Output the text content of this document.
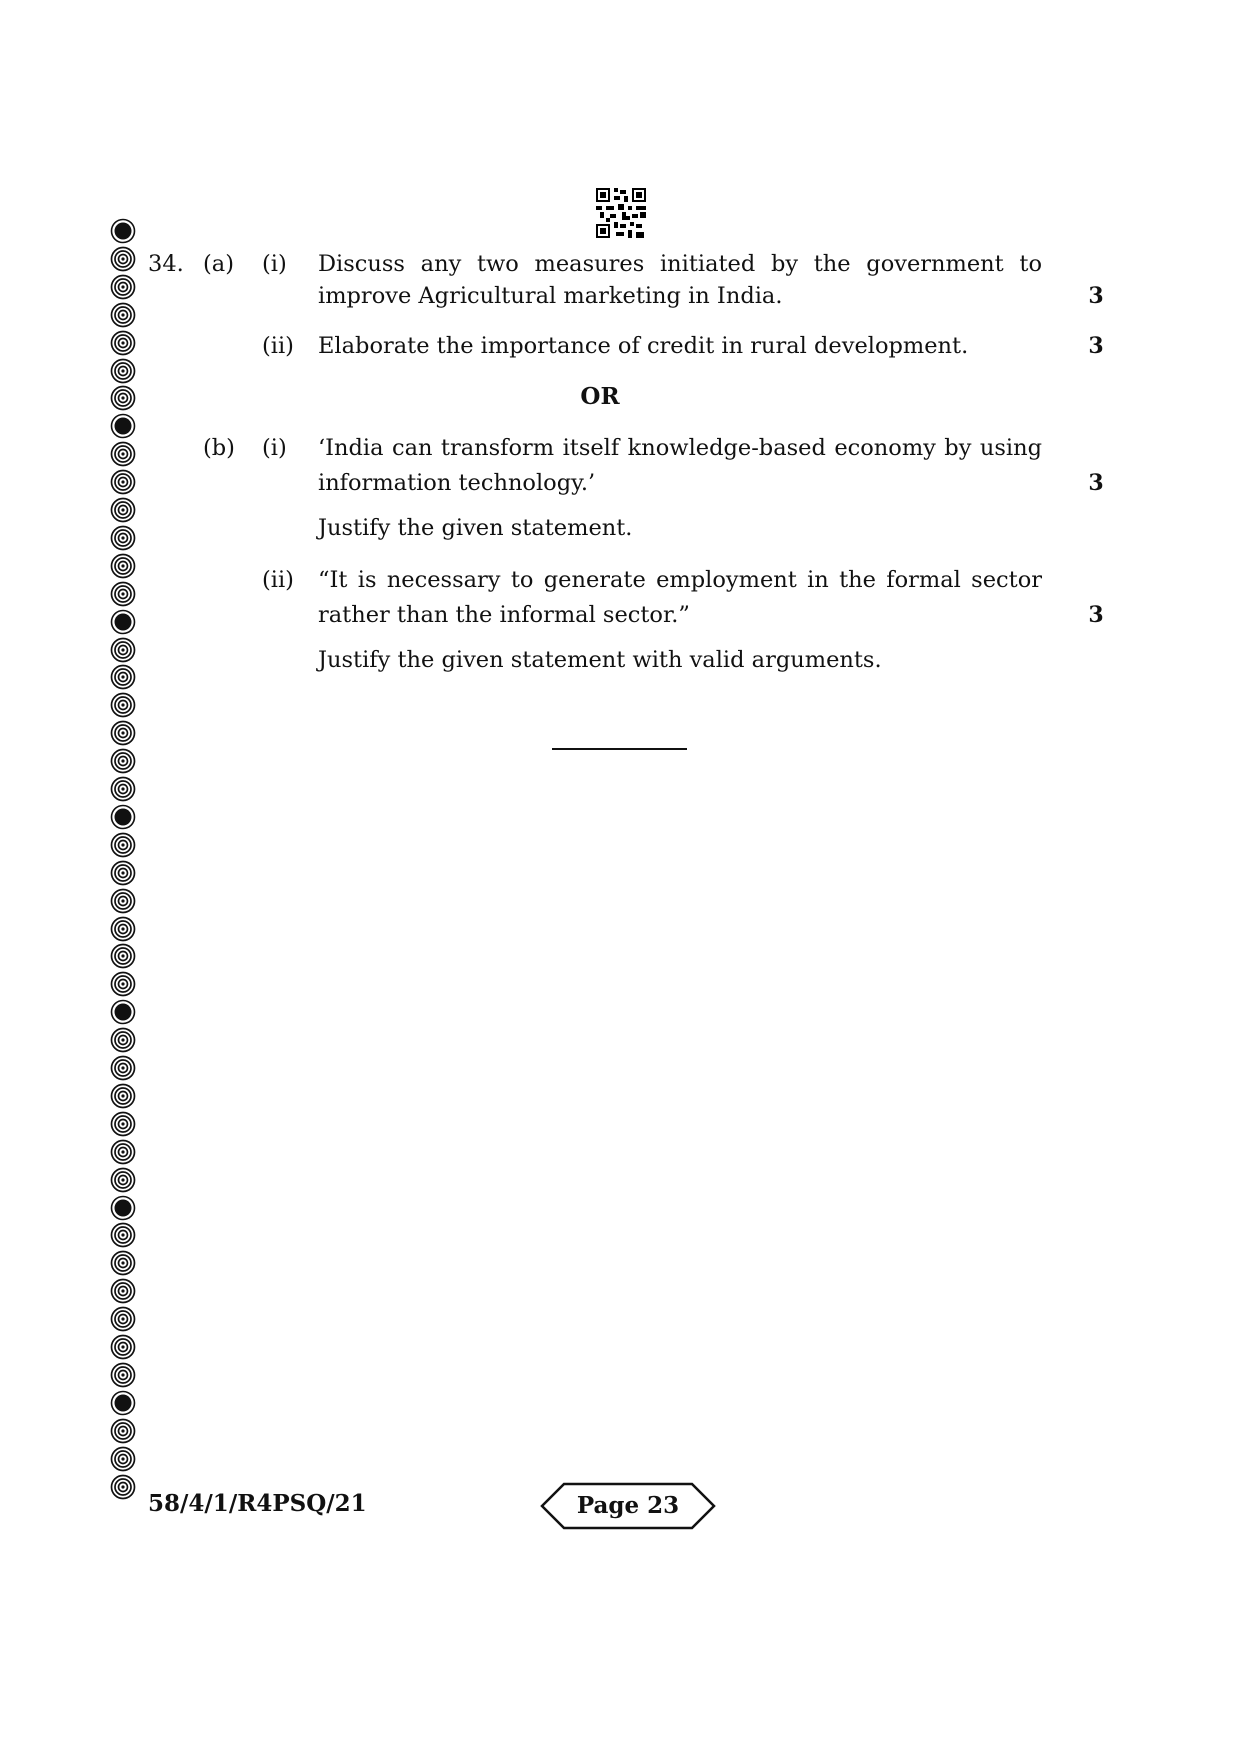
34. (a) (i) Discuss any two measures initiated by the government to
improve Agricultural marketing in India.	3
(ii) Elaborate the importance of credit in rural development.	3
OR
(b) (i) ‘India can transform itself knowledge-based economy by using
information technology.’	3
Justify the given statement.
(ii) “It is necessary to generate employment in the formal sector
rather than the informal sector.”	3
Justify the given statement with valid arguments.
58/4/1/R4PSQ/21	Page 23
